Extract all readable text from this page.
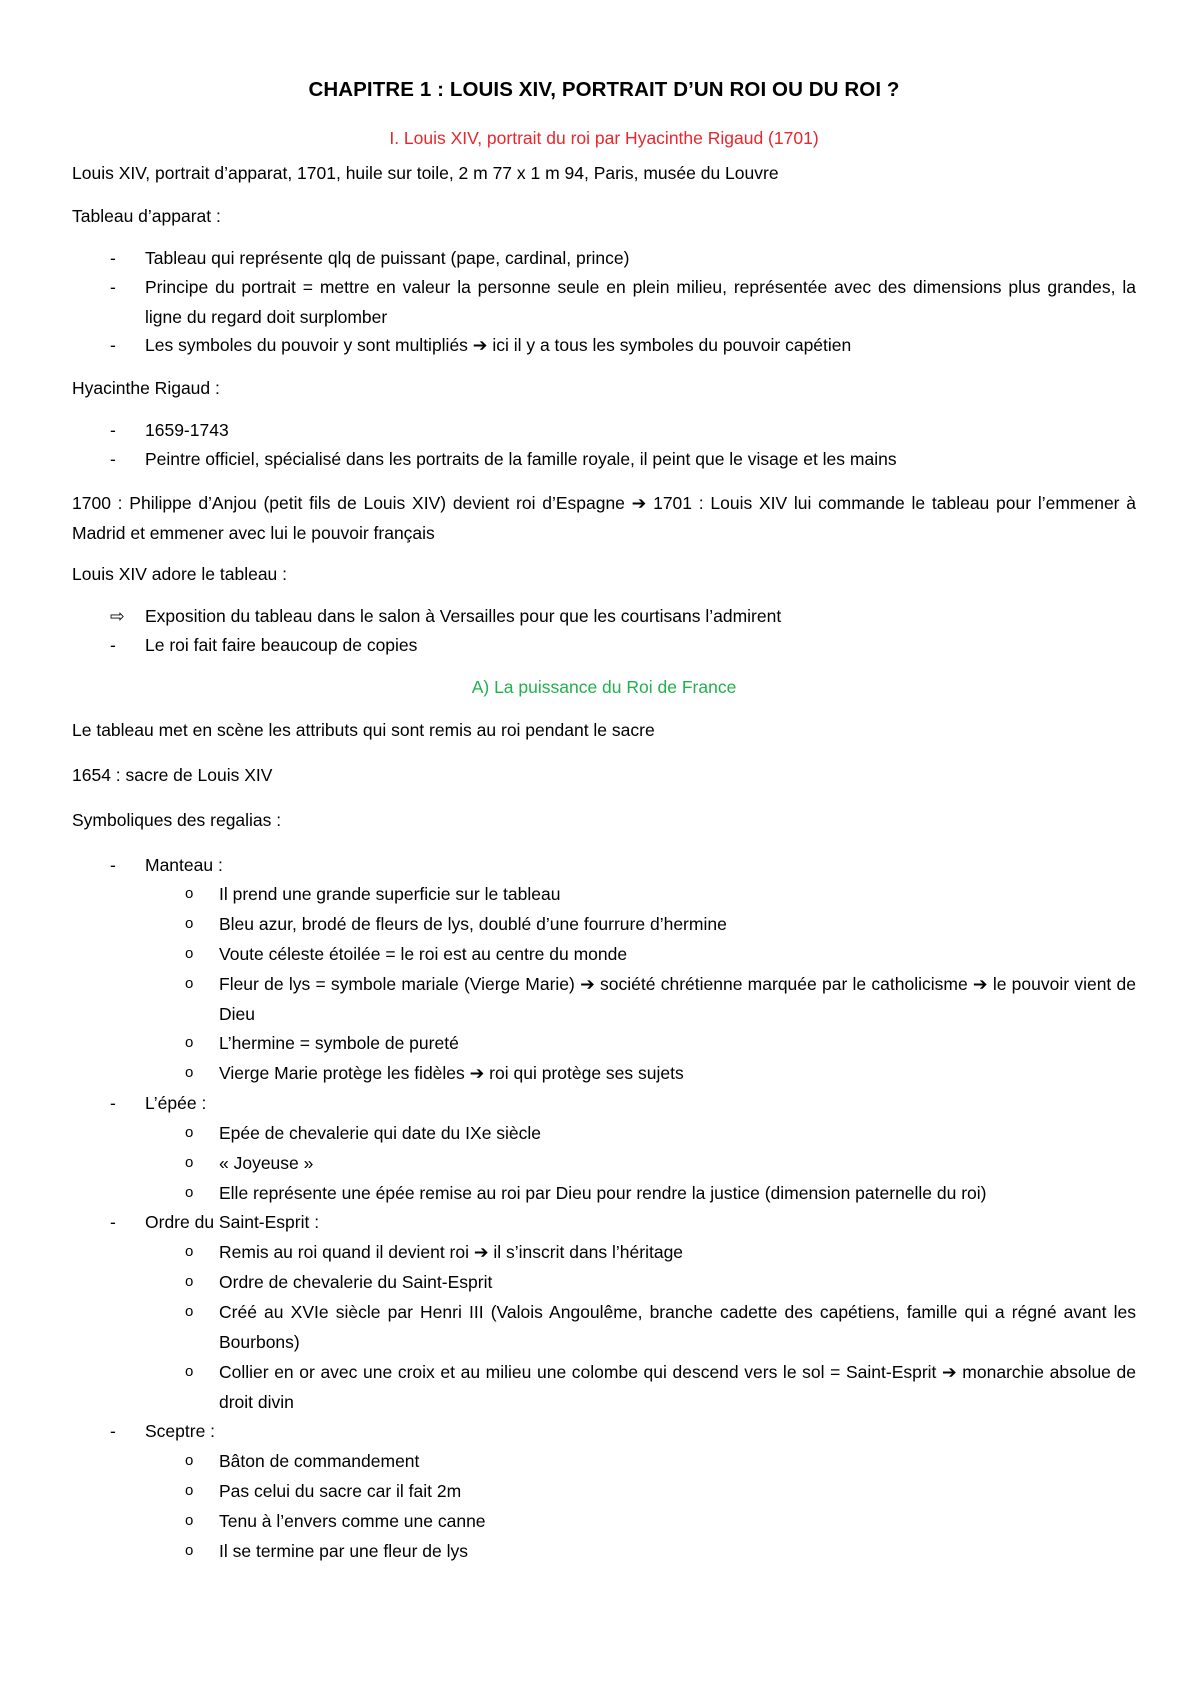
CHAPITRE 1 : LOUIS XIV, PORTRAIT D’UN ROI OU DU ROI ?
I. Louis XIV, portrait du roi par Hyacinthe Rigaud (1701)
Louis XIV, portrait d’apparat, 1701, huile sur toile, 2 m 77 x 1 m 94, Paris, musée du Louvre
Tableau d’apparat :
-	Tableau qui représente qlq de puissant (pape, cardinal, prince)
-	Principe du portrait = mettre en valeur la personne seule en plein milieu, représentée avec des dimensions plus grandes, la ligne du regard doit surplomber
-	Les symboles du pouvoir y sont multipliés ➔ ici il y a tous les symboles du pouvoir capétien
Hyacinthe Rigaud :
-	1659-1743
-	Peintre officiel, spécialisé dans les portraits de la famille royale, il peint que le visage et les mains
1700 : Philippe d’Anjou (petit fils de Louis XIV) devient roi d’Espagne ➔ 1701 : Louis XIV lui commande le tableau pour l’emmener à Madrid et emmener avec lui le pouvoir français
Louis XIV adore le tableau :
⇨	Exposition du tableau dans le salon à Versailles pour que les courtisans l’admirent
-	Le roi fait faire beaucoup de copies
A) La puissance du Roi de France
Le tableau met en scène les attributs qui sont remis au roi pendant le sacre
1654 : sacre de Louis XIV
Symboliques des regalias :
-	Manteau :
o Il prend une grande superficie sur le tableau
o Bleu azur, brodé de fleurs de lys, doublé d’une fourrure d’hermine
o Voute céleste étoilée = le roi est au centre du monde
o Fleur de lys = symbole mariale (Vierge Marie) ➔ société chrétienne marquée par le catholicisme ➔ le pouvoir vient de Dieu
o L’hermine = symbole de pureté
o Vierge Marie protège les fidèles ➔ roi qui protège ses sujets
-	L’épée :
o Epée de chevalerie qui date du IXe siècle
o « Joyeuse »
o Elle représente une épée remise au roi par Dieu pour rendre la justice (dimension paternelle du roi)
-	Ordre du Saint-Esprit :
o Remis au roi quand il devient roi ➔ il s’inscrit dans l’héritage
o Ordre de chevalerie du Saint-Esprit
o Créé au XVIe siècle par Henri III (Valois Angoulême, branche cadette des capétiens, famille qui a régné avant les Bourbons)
o Collier en or avec une croix et au milieu une colombe qui descend vers le sol = Saint-Esprit ➔ monarchie absolue de droit divin
-	Sceptre :
o Bâton de commandement
o Pas celui du sacre car il fait 2m
o Tenu à l’envers comme une canne
o Il se termine par une fleur de lys
